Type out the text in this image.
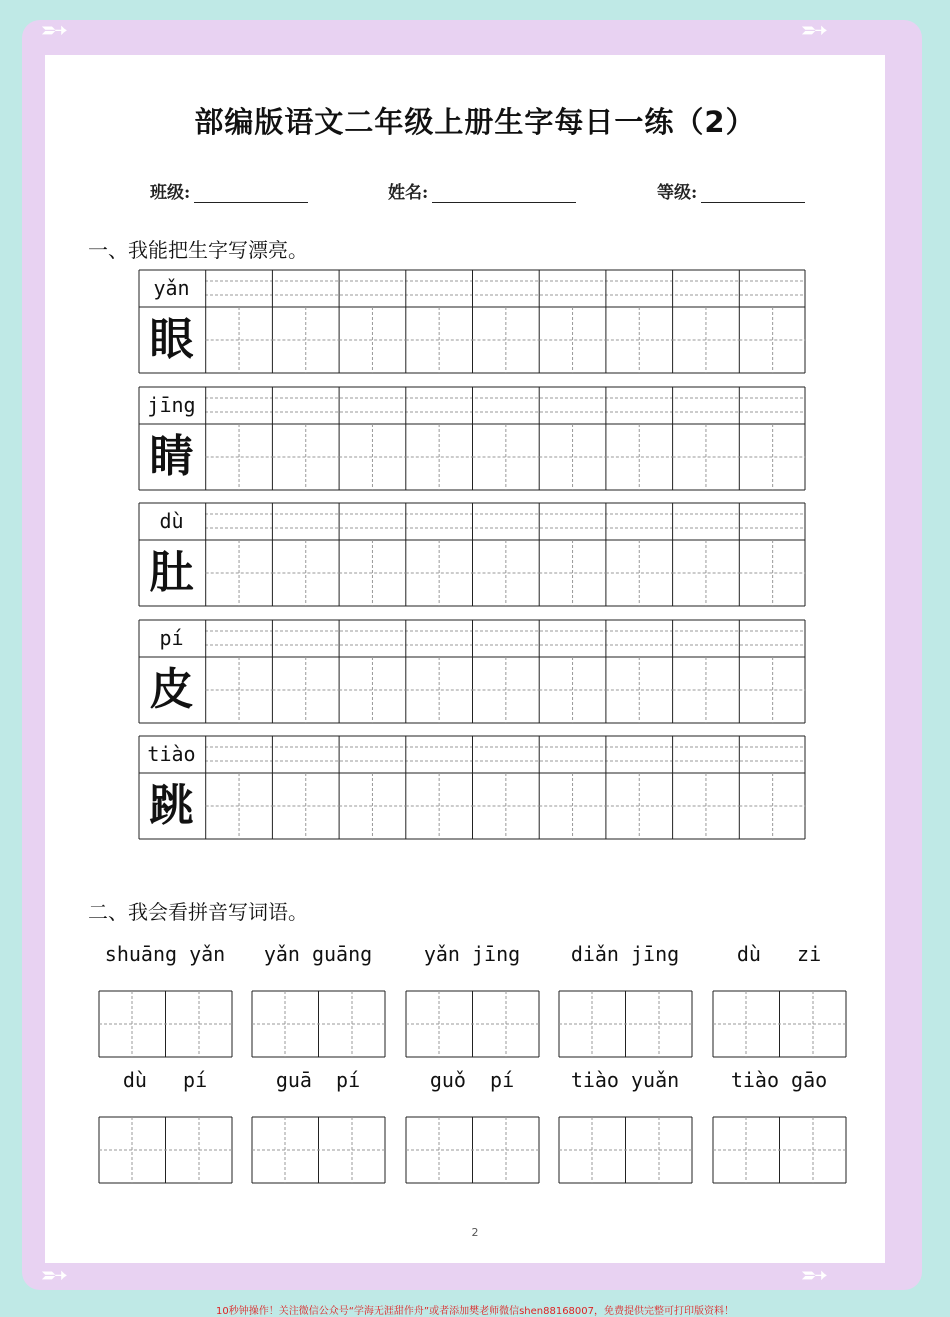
➵	➵
➵	➵
部编版语文二年级上册生字每日一练（2）
班级:	姓名:	等级:
一、我能把生字写漂亮。
yǎn
眼
jīng
睛
dù
肚
pí
皮
tiào
跳
二、我会看拼音写词语。
shuāng yǎn	yǎn guāng	yǎn jīng	diǎn jīng	dù   zi
dù   pí	guā  pí	guǒ  pí	tiào yuǎn	tiào gāo
2
10秒钟操作！关注微信公众号“学海无涯甜作舟”或者添加樊老师微信shen88168007，免费提供完整可打印版资料！
